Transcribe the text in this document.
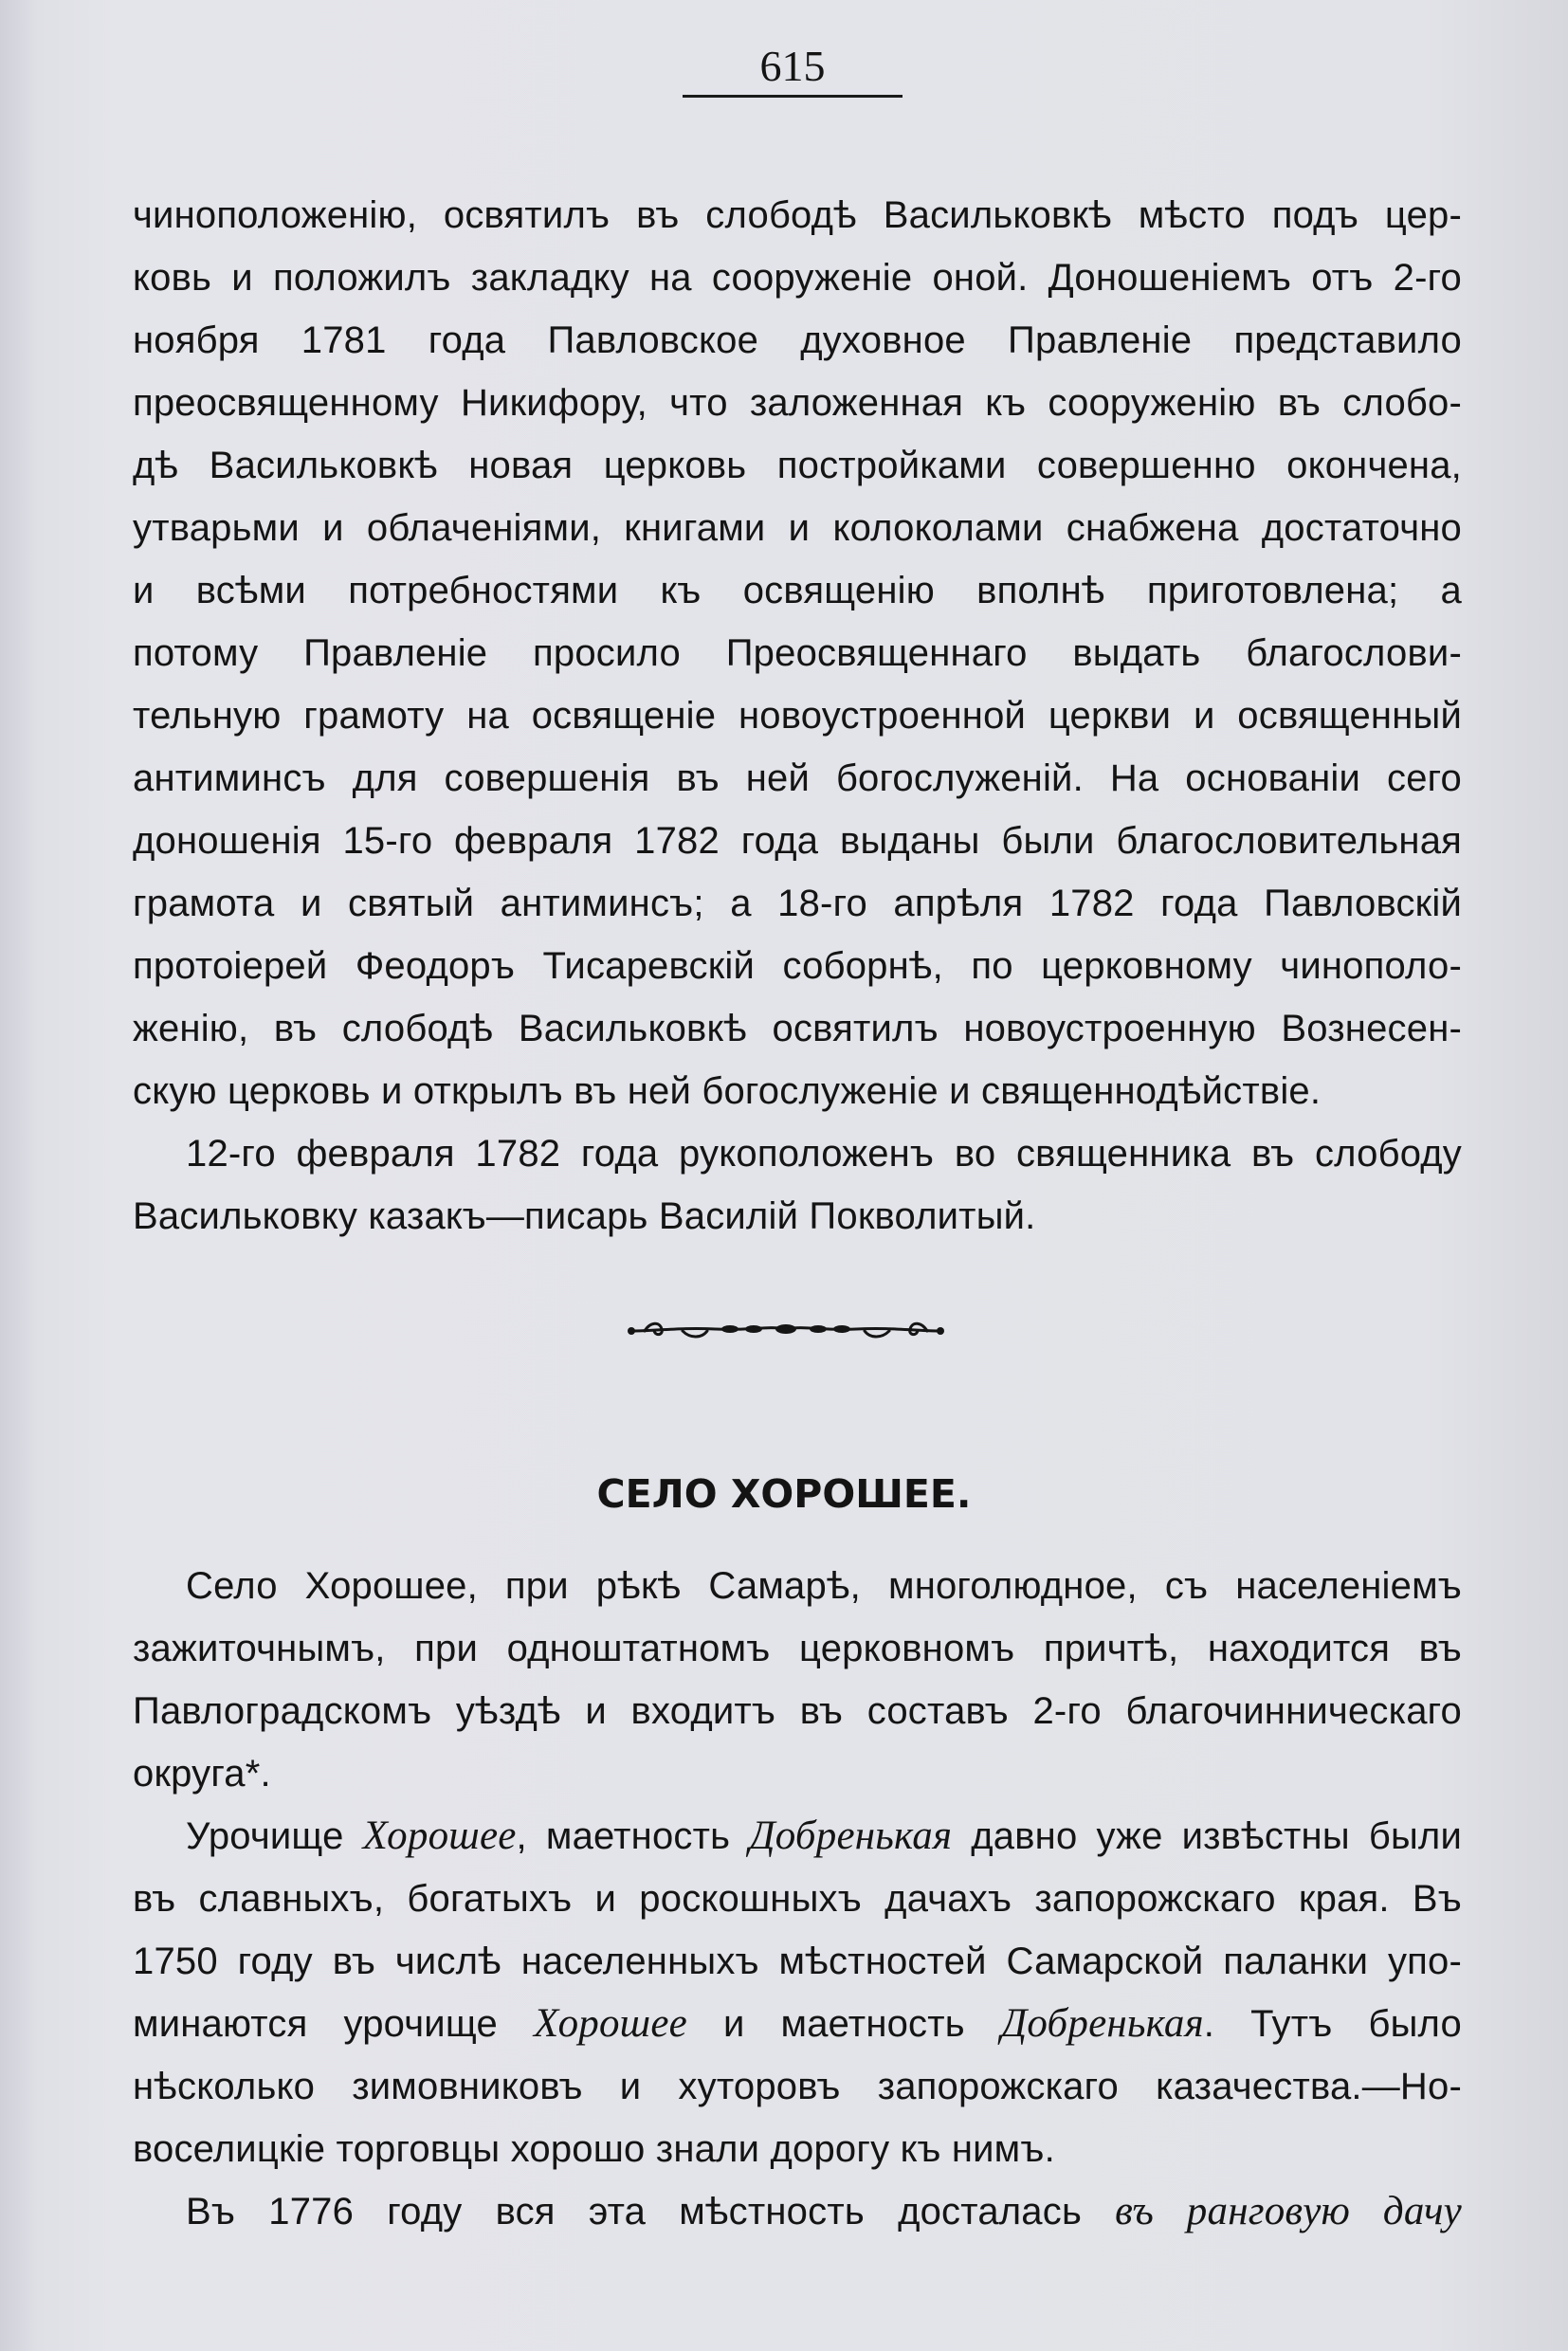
615
чиноположенію, освятилъ въ слободѣ Васильковкѣ мѣсто подъ цер-
ковь и положилъ закладку на сооруженіе оной. Доношеніемъ отъ 2-го
ноября 1781 года Павловское духовное Правленіе представило
преосвященному Никифору, что заложенная къ сооруженію въ слобо-
дѣ Васильковкѣ новая церковь постройками совершенно окончена,
утварьми и облаченіями, книгами и колоколами снабжена достаточно
и всѣми потребностями къ освященію вполнѣ приготовлена; а
потому Правленіе просило Преосвященнаго выдать благослови-
тельную грамоту на освященіе новоустроенной церкви и освященный
антиминсъ для совершенія въ ней богослуженій. На основаніи сего
доношенія 15-го февраля 1782 года выданы были благословительная
грамота и святый антиминсъ; а 18-го апрѣля 1782 года Павловскій
протоіерей Феодоръ Тисаревскій соборнѣ, по церковному чинополо-
женію, въ слободѣ Васильковкѣ освятилъ новоустроенную Вознесен-
скую церковь и открылъ въ ней богослуженіе и священнодѣйствіе.
12-го февраля 1782 года рукоположенъ во священника въ слободу
Васильковку казакъ—писарь Василій Покволитый.
СЕЛО ХОРОШЕЕ.
Село Хорошее, при рѣкѣ Самарѣ, многолюдное, съ населеніемъ
зажиточнымъ, при одноштатномъ церковномъ причтѣ, находится въ
Павлоградскомъ уѣздѣ и входитъ въ составъ 2-го благочинническаго
округа*.
Урочище Хорошее, маетность Добренькая давно уже извѣстны были
въ славныхъ, богатыхъ и роскошныхъ дачахъ запорожскаго края. Въ
1750 году въ числѣ населенныхъ мѣстностей Самарской паланки упо-
минаются урочище Хорошее и маетность Добренькая. Тутъ было
нѣсколько зимовниковъ и хуторовъ запорожскаго казачества.—Но-
воселицкіе торговцы хорошо знали дорогу къ нимъ.
Въ 1776 году вся эта мѣстность досталась въ ранговую дачу
